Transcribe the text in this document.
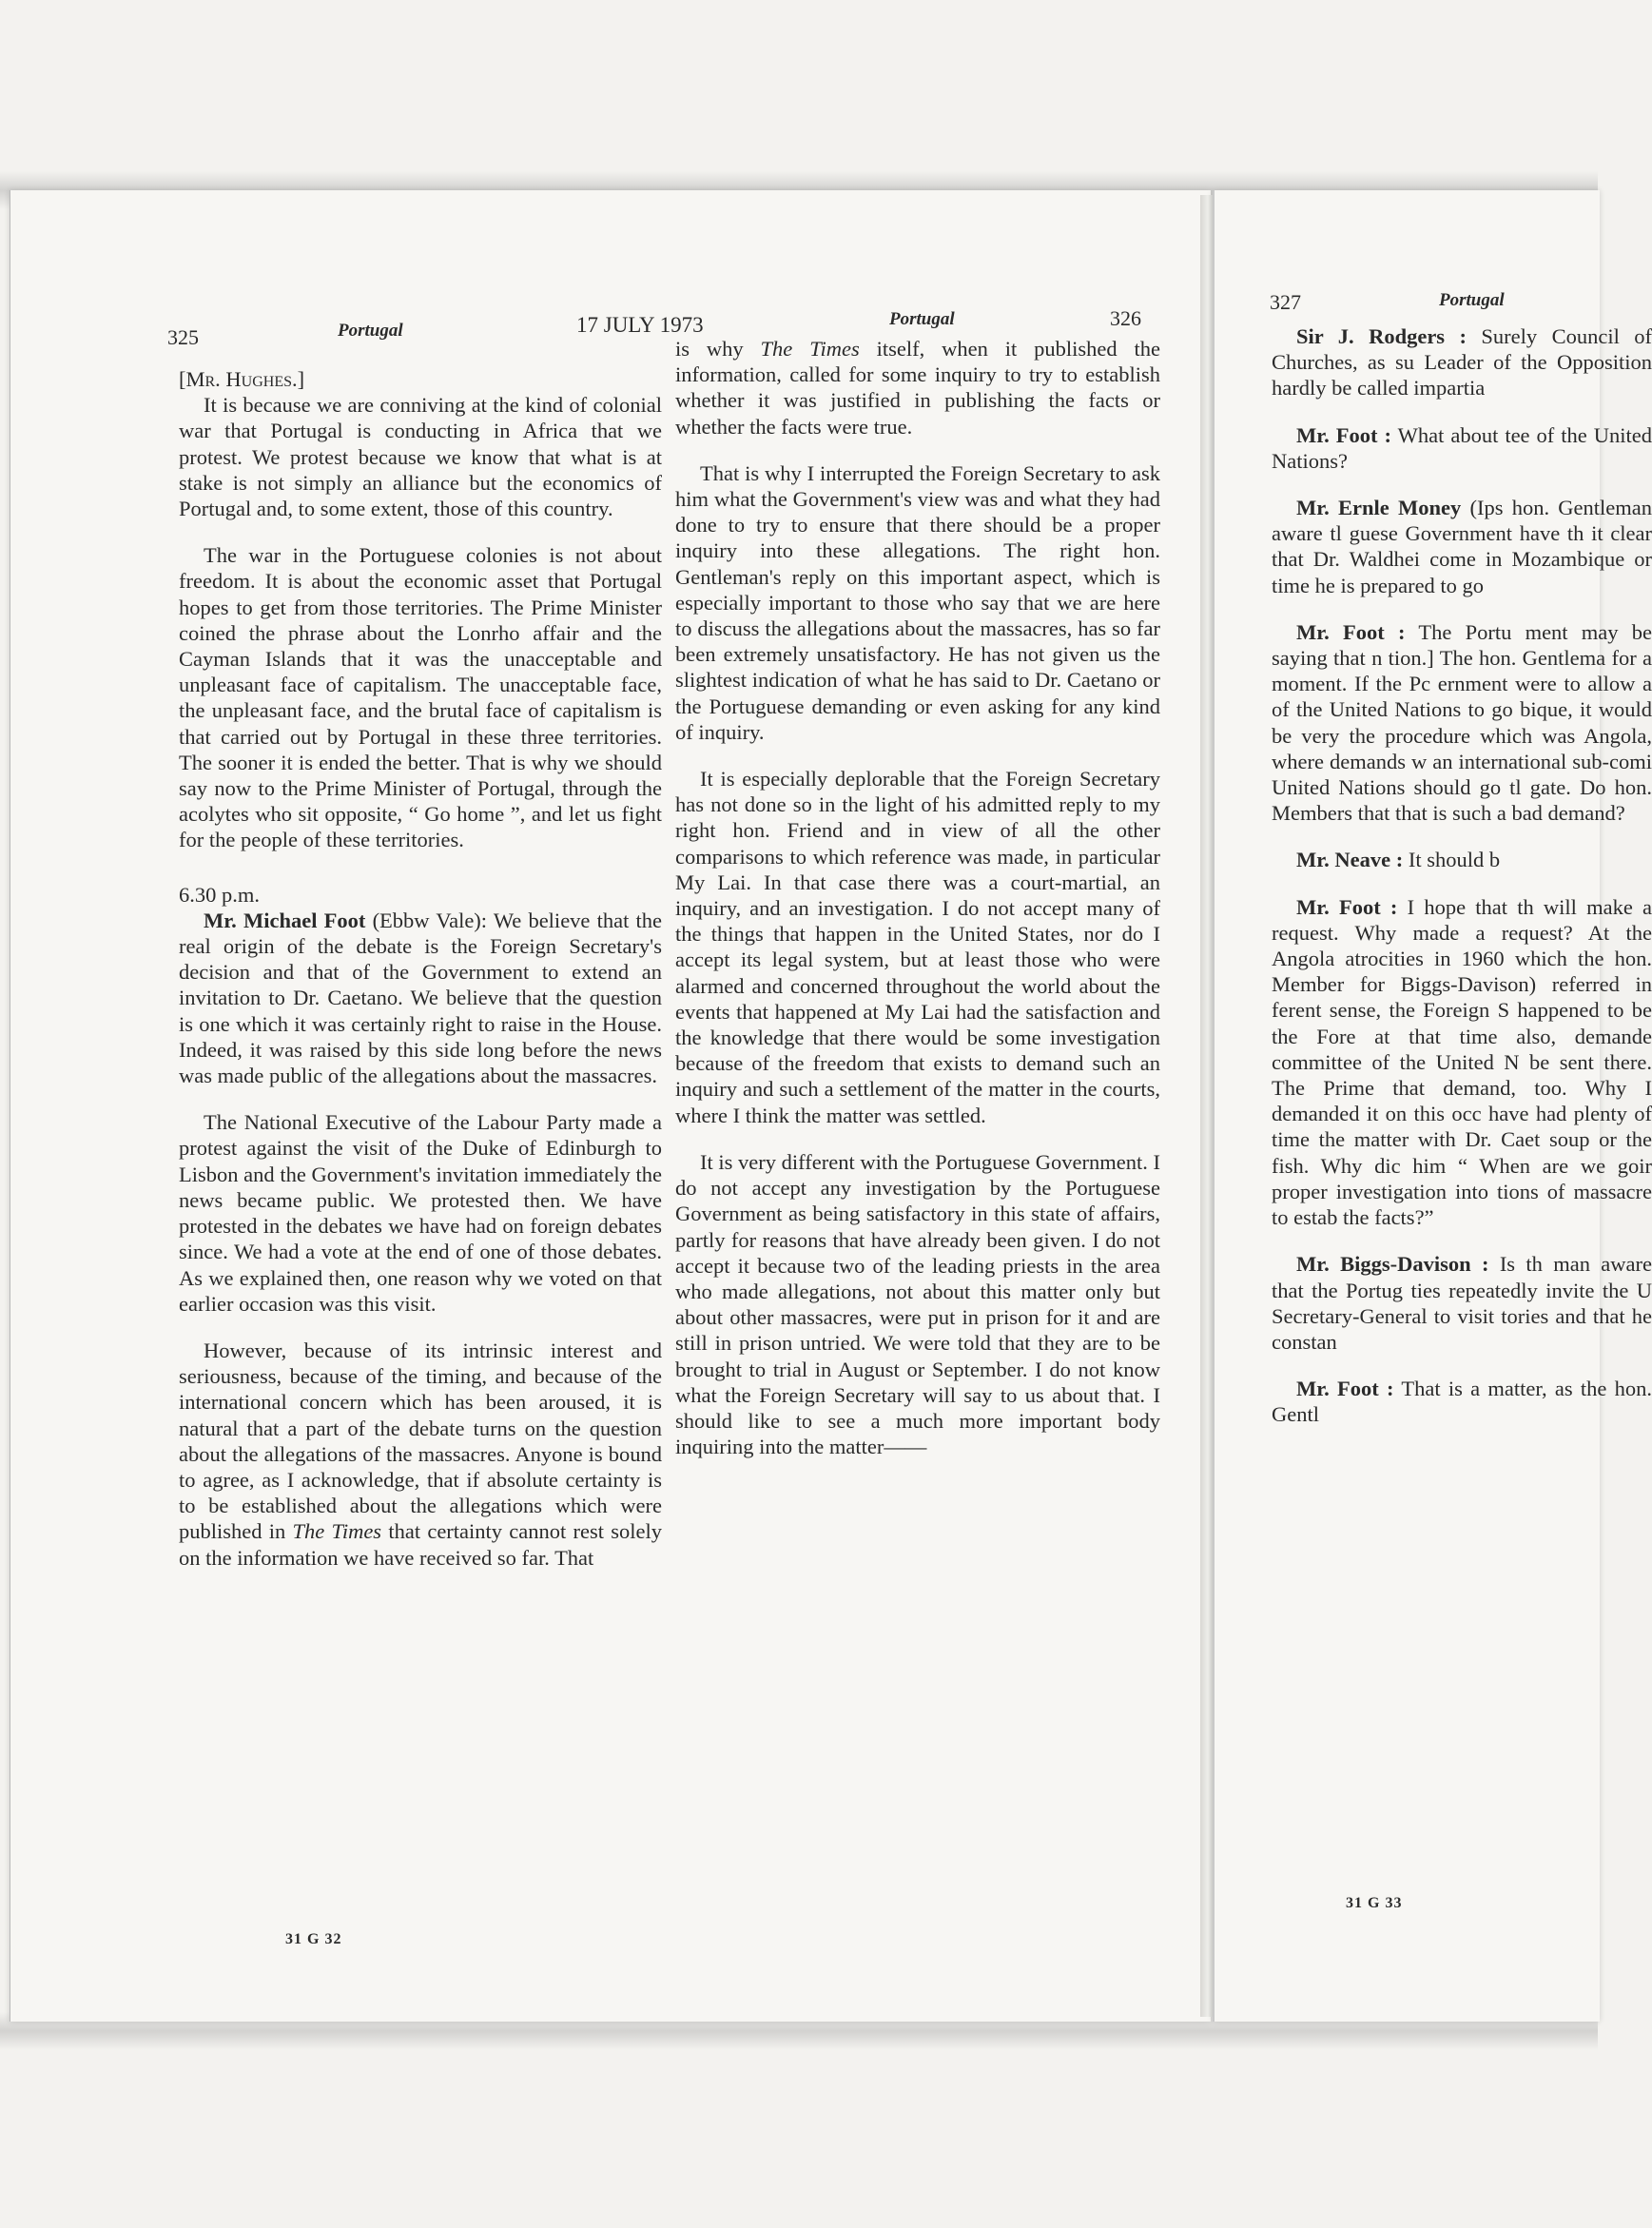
325	Portugal	17 JULY 1973	Portugal	326
327	Portugal

[Mr. Hughes.]

It is because we are conniving at the kind of colonial war that Portugal is conducting in Africa that we protest. We protest because we know that what is at stake is not simply an alliance but the economics of Portugal and, to some extent, those of this country.

The war in the Portuguese colonies is not about freedom. It is about the economic asset that Portugal hopes to get from those territories. The Prime Minister coined the phrase about the Lonrho affair and the Cayman Islands that it was the unacceptable and unpleasant face of capitalism. The unacceptable face, the unpleasant face, and the brutal face of capitalism is that carried out by Portugal in these three territories. The sooner it is ended the better. That is why we should say now to the Prime Minister of Portugal, through the acolytes who sit opposite, “ Go home ”, and let us fight for the people of these territories.

6.30 p.m.

Mr. Michael Foot (Ebbw Vale): We believe that the real origin of the debate is the Foreign Secretary's decision and that of the Government to extend an invitation to Dr. Caetano. We believe that the question is one which it was certainly right to raise in the House. Indeed, it was raised by this side long before the news was made public of the allegations about the massacres.

The National Executive of the Labour Party made a protest against the visit of the Duke of Edinburgh to Lisbon and the Government's invitation immediately the news became public. We protested then. We have protested in the debates we have had on foreign debates since. We had a vote at the end of one of those debates. As we explained then, one reason why we voted on that earlier occasion was this visit.

However, because of its intrinsic interest and seriousness, because of the timing, and because of the international concern which has been aroused, it is natural that a part of the debate turns on the question about the allegations of the massacres. Anyone is bound to agree, as I acknowledge, that if absolute certainty is to be established about the allegations which were published in The Times that certainty cannot rest solely on the information we have received so far. That

31 G 32

is why The Times itself, when it published the information, called for some inquiry to try to establish whether it was justified in publishing the facts or whether the facts were true.

That is why I interrupted the Foreign Secretary to ask him what the Government's view was and what they had done to try to ensure that there should be a proper inquiry into these allegations. The right hon. Gentleman's reply on this important aspect, which is especially important to those who say that we are here to discuss the allegations about the massacres, has so far been extremely unsatisfactory. He has not given us the slightest indication of what he has said to Dr. Caetano or the Portuguese demanding or even asking for any kind of inquiry.

It is especially deplorable that the Foreign Secretary has not done so in the light of his admitted reply to my right hon. Friend and in view of all the other comparisons to which reference was made, in particular My Lai. In that case there was a court-martial, an inquiry, and an investigation. I do not accept many of the things that happen in the United States, nor do I accept its legal system, but at least those who were alarmed and concerned throughout the world about the events that happened at My Lai had the satisfaction and the knowledge that there would be some investigation because of the freedom that exists to demand such an inquiry and such a settlement of the matter in the courts, where I think the matter was settled.

It is very different with the Portuguese Government. I do not accept any investigation by the Portuguese Government as being satisfactory in this state of affairs, partly for reasons that have already been given. I do not accept it because two of the leading priests in the area who made allegations, not about this matter only but about other massacres, were put in prison for it and are still in prison untried. We were told that they are to be brought to trial in August or September. I do not know what the Foreign Secretary will say to us about that. I should like to see a much more important body inquiring into the matter——

Sir J. Rodgers : Surely Council of Churches, as su Leader of the Opposition hardly be called impartia

Mr. Foot : What about tee of the United Nations?

Mr. Ernle Money (Ips hon. Gentleman aware tl guese Government have th it clear that Dr. Waldhei come in Mozambique or time he is prepared to go

Mr. Foot : The Portu ment may be saying that n tion.] The hon. Gentlema for a moment. If the Pc ernment were to allow a of the United Nations to go bique, it would be very the procedure which was Angola, where demands w an international sub-comi United Nations should go tl gate. Do hon. Members that that is such a bad demand?

Mr. Neave : It should b

Mr. Foot : I hope that th will make a request. Why made a request? At the Angola atrocities in 1960 which the hon. Member for Biggs-Davison) referred in ferent sense, the Foreign S happened to be the Fore at that time also, demande committee of the United N be sent there. The Prime that demand, too. Why I demanded it on this occ have had plenty of time the matter with Dr. Caet soup or the fish. Why dic him “ When are we goir proper investigation into tions of massacre to estab the facts?”

Mr. Biggs-Davison : Is th man aware that the Portug ties repeatedly invite the U Secretary-General to visit tories and that he constan

Mr. Foot : That is a matter, as the hon. Gentl

31 G 33
